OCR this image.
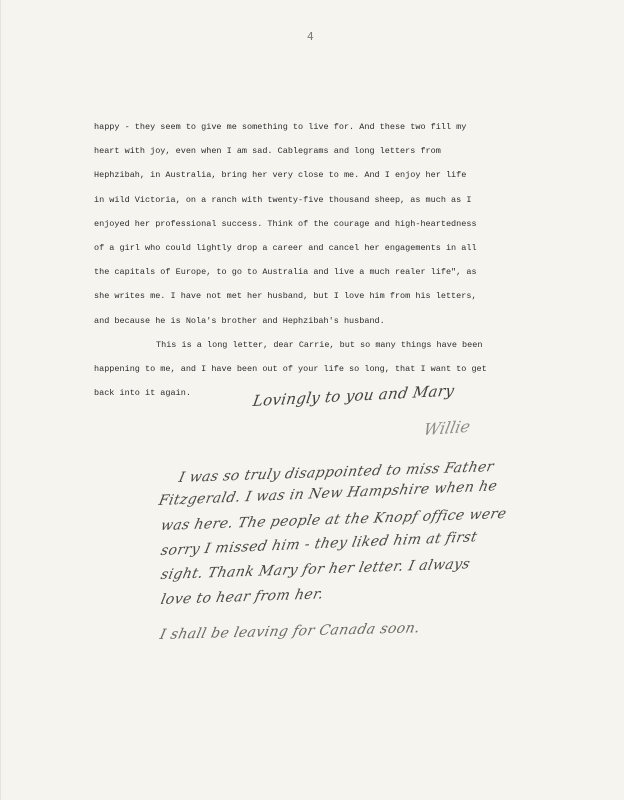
4
happy - they seem to give me something to live for. And these two fill my
heart with joy, even when I am sad. Cablegrams and long letters from
Hephzibah, in Australia, bring her very close to me. And I enjoy her life
in wild Victoria, on a ranch with twenty-five thousand sheep, as much as I
enjoyed her professional success. Think of the courage and high-heartedness
of a girl who could lightly drop a career and cancel her engagements in all
the capitals of Europe, to go to Australia and live a much realer life", as
she writes me. I have not met her husband, but I love him from his letters,
and because he is Nola's brother and Hephzibah's husband.
This is a long letter, dear Carrie, but so many things have been
happening to me, and I have been out of your life so long, that I want to get
back into it again.	Lovingly to you and Mary
Willie
I was so truly disappointed to miss Father
Fitzgerald. I was in New Hampshire when he
was here. The people at the Knopf office were
sorry I missed him - they liked him at first
sight. Thank Mary for her letter. I always
love to hear from her.
I shall be leaving for Canada soon.
